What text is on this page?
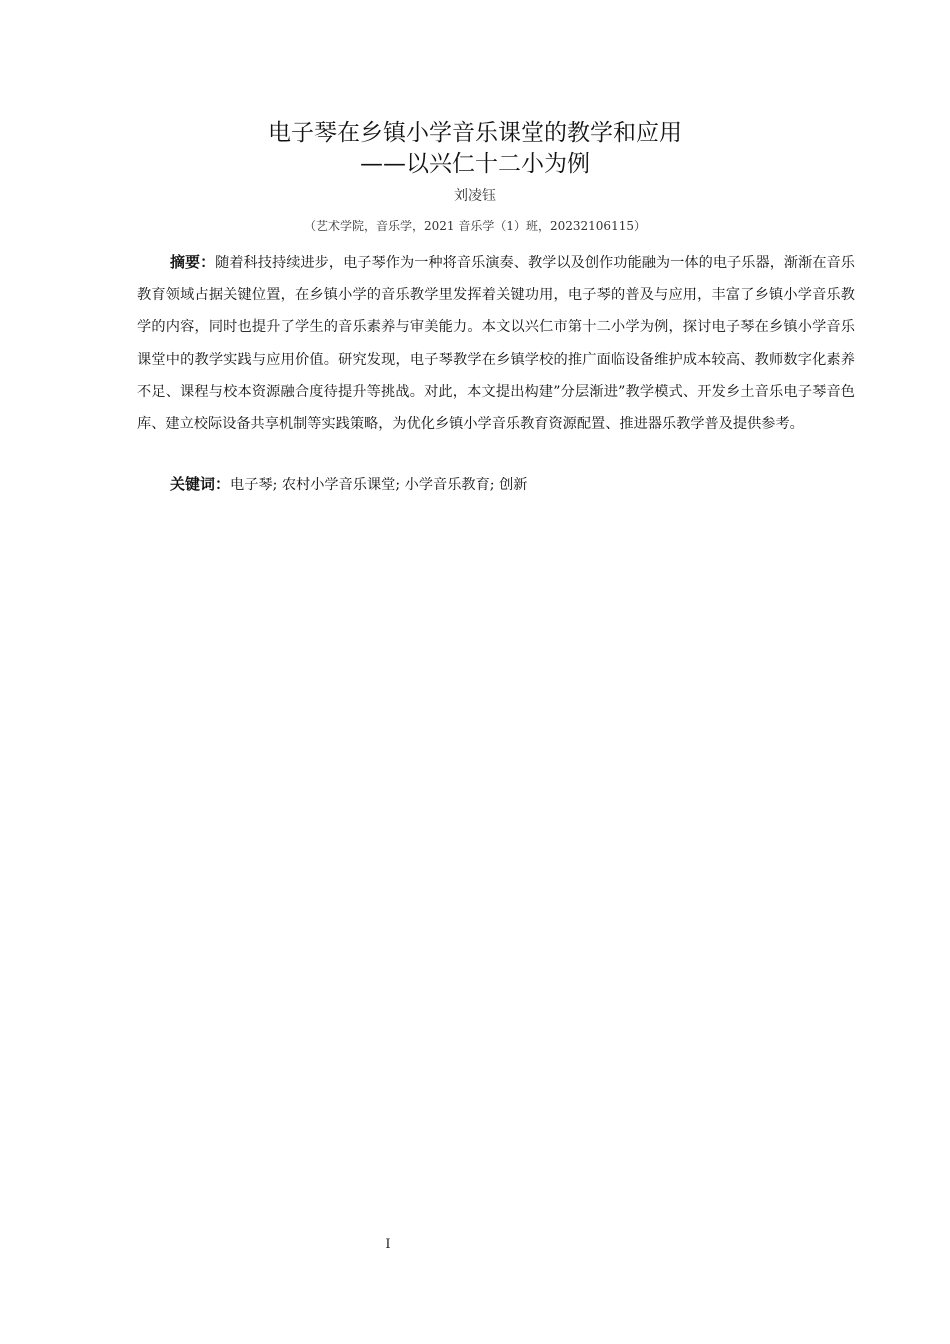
电子琴在乡镇小学音乐课堂的教学和应用
——以兴仁十二小为例
刘凌钰
（艺术学院，音乐学，2021 音乐学（1）班，20232106115）

摘要：随着科技持续进步，电子琴作为一种将音乐演奏、教学以及创作功能融为一体的电子乐器，渐渐在音乐教育领域占据关键位置，在乡镇小学的音乐教学里发挥着关键功用，电子琴的普及与应用，丰富了乡镇小学音乐教学的内容，同时也提升了学生的音乐素养与审美能力。本文以兴仁市第十二小学为例，探讨电子琴在乡镇小学音乐课堂中的教学实践与应用价值。研究发现，电子琴教学在乡镇学校的推广面临设备维护成本较高、教师数字化素养不足、课程与校本资源融合度待提升等挑战。对此，本文提出构建”分层渐进”教学模式、开发乡土音乐电子琴音色库、建立校际设备共享机制等实践策略，为优化乡镇小学音乐教育资源配置、推进器乐教学普及提供参考。

关键词：电子琴; 农村小学音乐课堂; 小学音乐教育; 创新

I
